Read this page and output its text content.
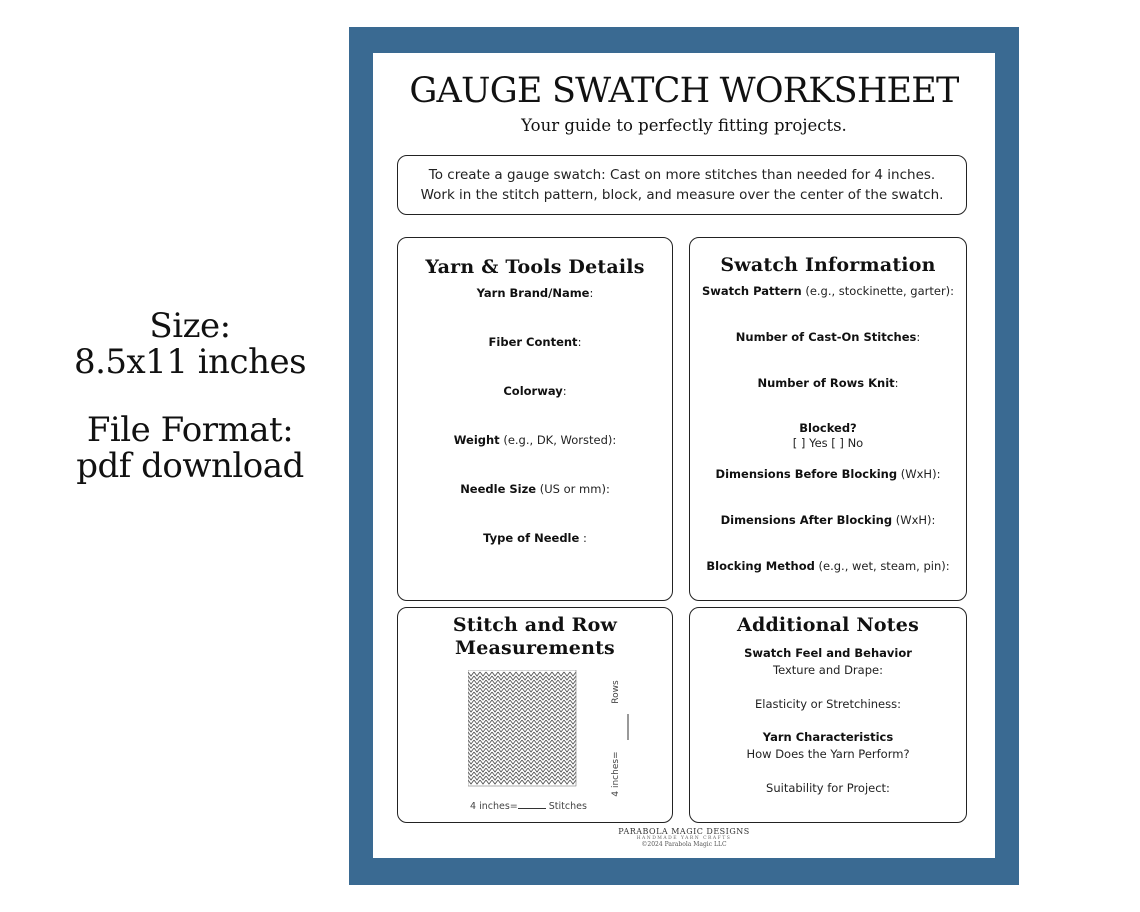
Size:
8.5x11 inches
File Format:
pdf download
GAUGE SWATCH WORKSHEET
Your guide to perfectly fitting projects.

To create a gauge swatch: Cast on more stitches than needed for 4 inches.

Work in the stitch pattern, block, and measure over the center of the swatch.

Yarn & Tools Details
Yarn Brand/Name:
Fiber Content:
Colorway:
Weight (e.g., DK, Worsted):
Needle Size (US or mm):
Type of Needle :
Swatch Information
Swatch Pattern (e.g., stockinette, garter):
Number of Cast-On Stitches:
Number of Rows Knit:
Blocked?
Dimensions Before Blocking (WxH):
Dimensions After Blocking (WxH):
Blocking Method (e.g., wet, steam, pin):
[ ] Yes [ ] No
Stitch and Row
Measurements
Rows
4 inches=
4 inches=	Stitches
Additional Notes
Swatch Feel and Behavior
Texture and Drape:
Elasticity or Stretchiness:
Yarn Characteristics
How Does the Yarn Perform?
Suitability for Project:
PARABOLA MAGIC DESIGNS
HANDMADE YARN CRAFTS
©2024 Parabola Magic LLC
